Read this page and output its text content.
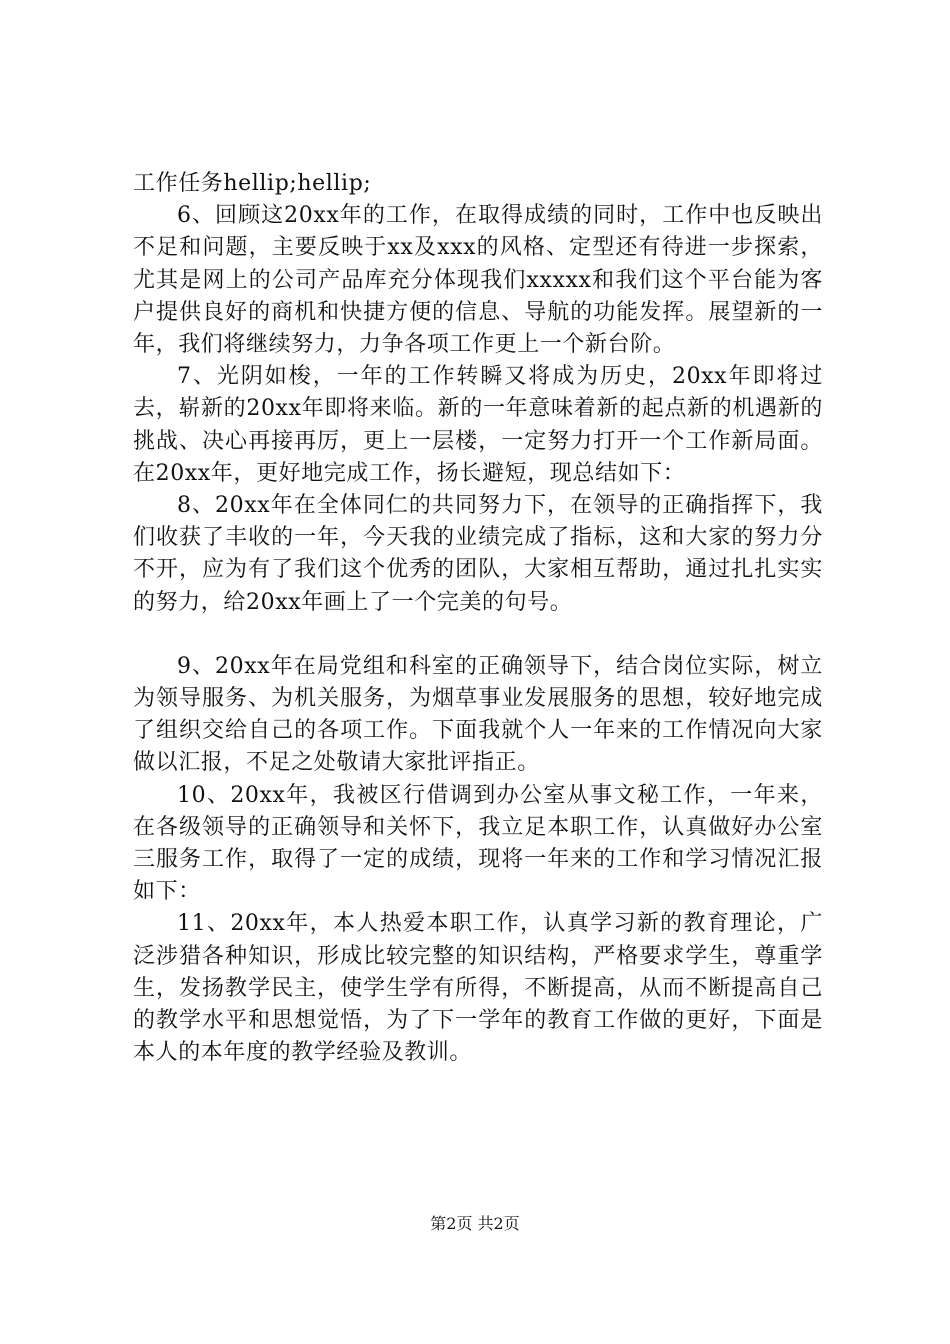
工作任务hellip;hellip;

6、回顾这20xx年的工作，在取得成绩的同时，工作中也反映出不足和问题，主要反映于xx及xxx的风格、定型还有待进一步探索，尤其是网上的公司产品库充分体现我们xxxxx和我们这个平台能为客户提供良好的商机和快捷方便的信息、导航的功能发挥。展望新的一年，我们将继续努力，力争各项工作更上一个新台阶。

7、光阴如梭，一年的工作转瞬又将成为历史，20xx年即将过去，崭新的20xx年即将来临。新的一年意味着新的起点新的机遇新的挑战、决心再接再厉，更上一层楼，一定努力打开一个工作新局面。在20xx年，更好地完成工作，扬长避短，现总结如下：

8、20xx年在全体同仁的共同努力下，在领导的正确指挥下，我们收获了丰收的一年，今天我的业绩完成了指标，这和大家的努力分不开，应为有了我们这个优秀的团队，大家相互帮助，通过扎扎实实的努力，给20xx年画上了一个完美的句号。

9、20xx年在局党组和科室的正确领导下，结合岗位实际，树立为领导服务、为机关服务，为烟草事业发展服务的思想，较好地完成了组织交给自己的各项工作。下面我就个人一年来的工作情况向大家做以汇报，不足之处敬请大家批评指正。

10、20xx年，我被区行借调到办公室从事文秘工作，一年来，在各级领导的正确领导和关怀下，我立足本职工作，认真做好办公室三服务工作，取得了一定的成绩，现将一年来的工作和学习情况汇报如下：

11、20xx年，本人热爱本职工作，认真学习新的教育理论，广泛涉猎各种知识，形成比较完整的知识结构，严格要求学生，尊重学生，发扬教学民主，使学生学有所得，不断提高，从而不断提高自己的教学水平和思想觉悟，为了下一学年的教育工作做的更好，下面是本人的本年度的教学经验及教训。

第2页 共2页
